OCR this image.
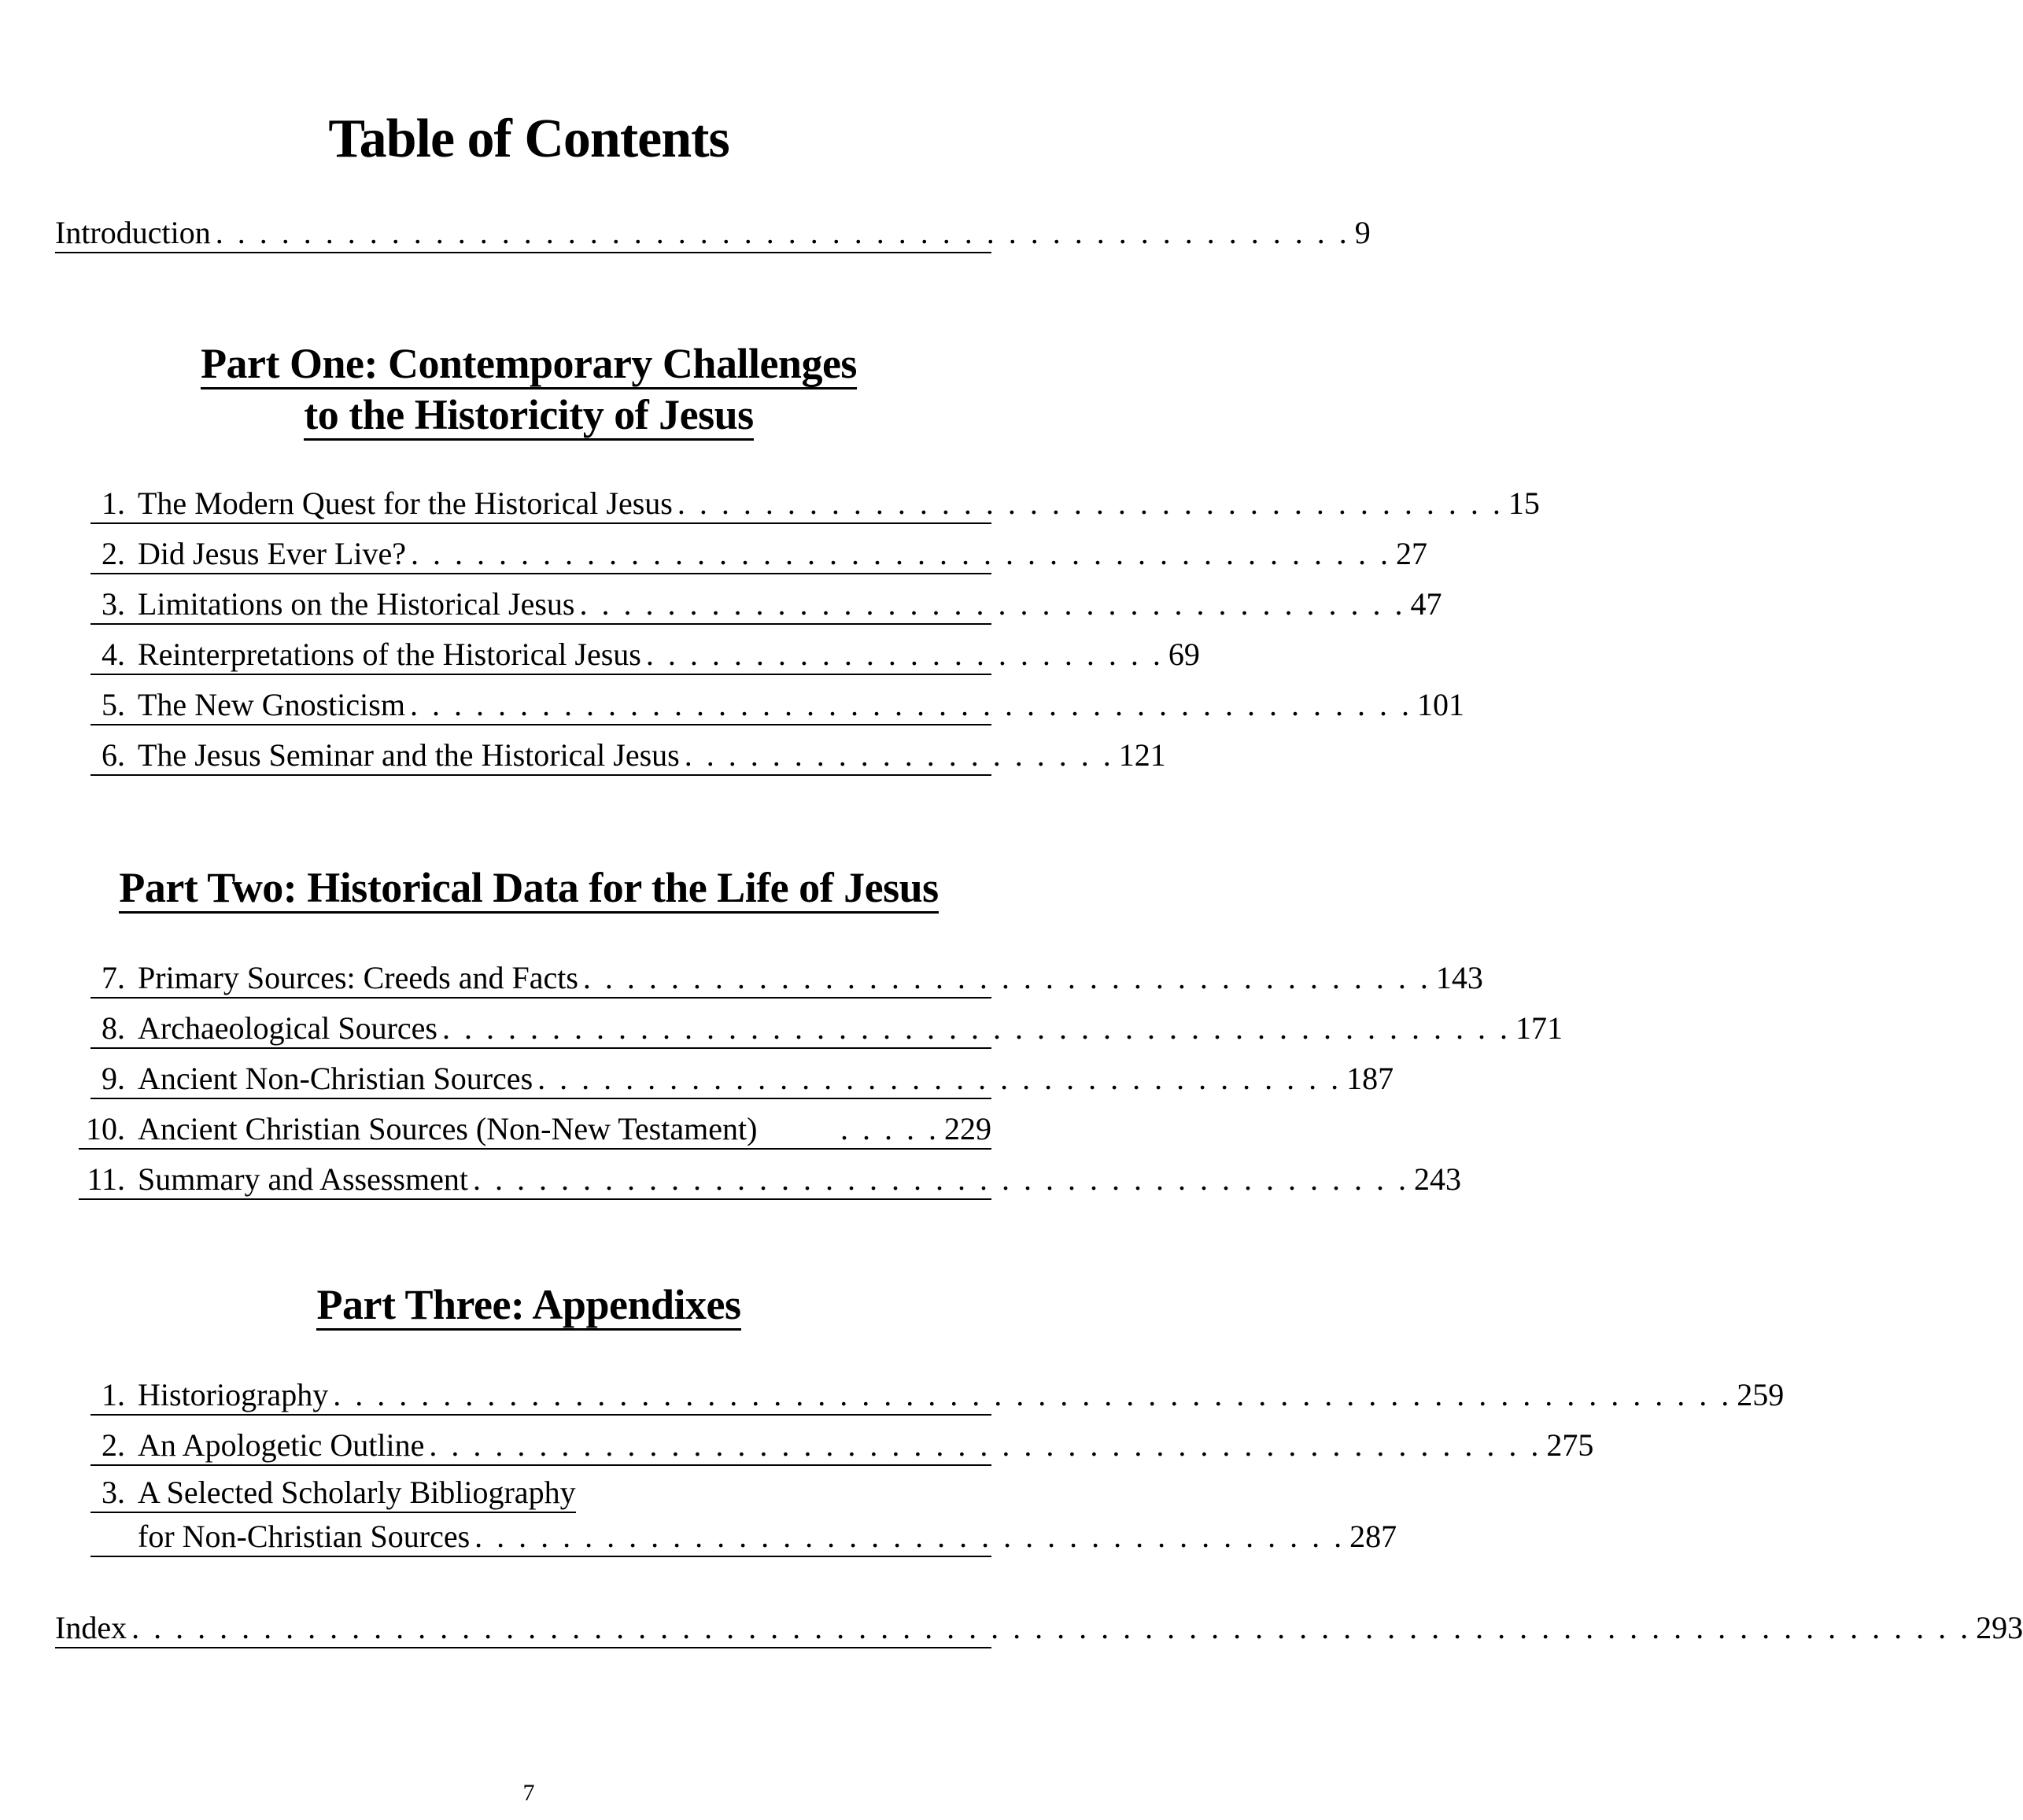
Table of Contents
Introduction . . . . . . . . . . . . . . . . . . . . . . . . . . . . . . . . . . . . . . . . . . . . . . . . . . . . 9
Part One: Contemporary Challenges
to the Historicity of Jesus
1. The Modern Quest for the Historical Jesus . . . . . . . . . . . . . . . . . . . . . . . . . . . . . . . . . . . . . . 15
2. Did Jesus Ever Live? . . . . . . . . . . . . . . . . . . . . . . . . . . . . . . . . . . . . . . . . . . . . . 27
3. Limitations on the Historical Jesus . . . . . . . . . . . . . . . . . . . . . . . . . . . . . . . . . . . . . . 47
4. Reinterpretations of the Historical Jesus . . . . . . . . . . . . . . . . . . . . . . . . 69
5. The New Gnosticism . . . . . . . . . . . . . . . . . . . . . . . . . . . . . . . . . . . . . . . . . . . . . . 101
6. The Jesus Seminar and the Historical Jesus . . . . . . . . . . . . . . . . . . . . 121
Part Two: Historical Data for the Life of Jesus
7. Primary Sources: Creeds and Facts . . . . . . . . . . . . . . . . . . . . . . . . . . . . . . . . . . . . . . . 143
8. Archaeological Sources . . . . . . . . . . . . . . . . . . . . . . . . . . . . . . . . . . . . . . . . . . . . . . . . . 171
9. Ancient Non-Christian Sources . . . . . . . . . . . . . . . . . . . . . . . . . . . . . . . . . . . . . 187
10. Ancient Christian Sources (Non-New Testament)	. . . . . 229
11. Summary and Assessment . . . . . . . . . . . . . . . . . . . . . . . . . . . . . . . . . . . . . . . . . . . 243
Part Three: Appendixes
1. Historiography . . . . . . . . . . . . . . . . . . . . . . . . . . . . . . . . . . . . . . . . . . . . . . . . . . . . . . . . . . . . . . . . 259
2. An Apologetic Outline . . . . . . . . . . . . . . . . . . . . . . . . . . . . . . . . . . . . . . . . . . . . . . . . . . . 275
3. A Selected Scholarly Bibliography
for Non-Christian Sources . . . . . . . . . . . . . . . . . . . . . . . . . . . . . . . . . . . . . . . . 287
Index . . . . . . . . . . . . . . . . . . . . . . . . . . . . . . . . . . . . . . . . . . . . . . . . . . . . . . . . . . . . . . . . . . . . . . . . . . . . . . . . . . . . 293
7
